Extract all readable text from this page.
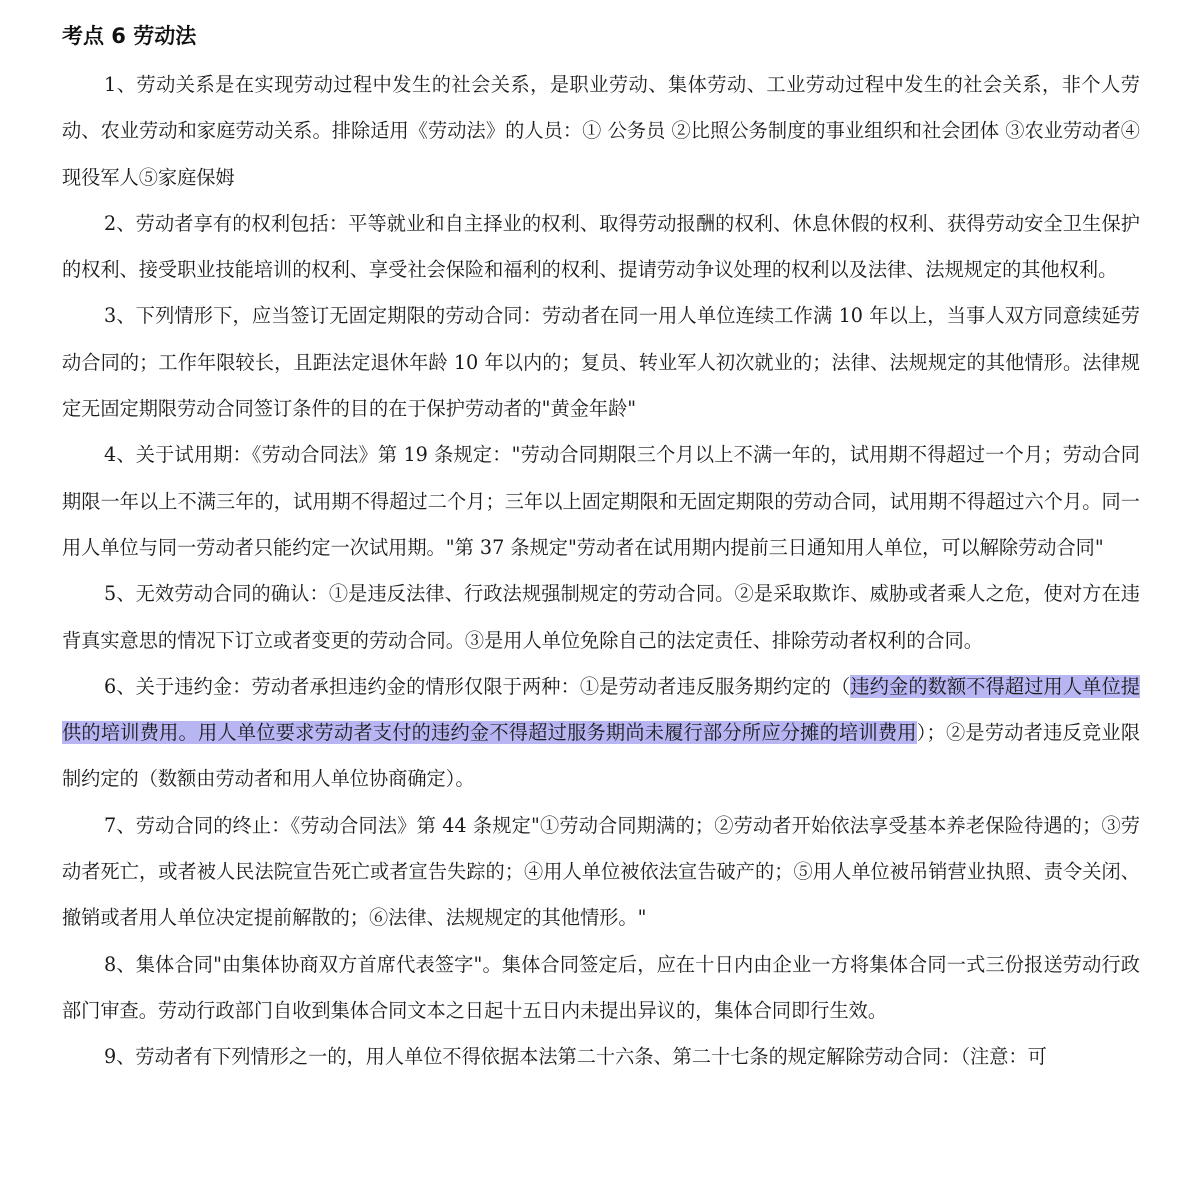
考点 6 劳动法

1、劳动关系是在实现劳动过程中发生的社会关系，是职业劳动、集体劳动、工业劳动过程中发生的社会关系，非个人劳动、农业劳动和家庭劳动关系。排除适用《劳动法》的人员：① 公务员 ②比照公务制度的事业组织和社会团体 ③农业劳动者④现役军人⑤家庭保姆

2、劳动者享有的权利包括：平等就业和自主择业的权利、取得劳动报酬的权利、休息休假的权利、获得劳动安全卫生保护的权利、接受职业技能培训的权利、享受社会保险和福利的权利、提请劳动争议处理的权利以及法律、法规规定的其他权利。

3、下列情形下，应当签订无固定期限的劳动合同：劳动者在同一用人单位连续工作满 10 年以上，当事人双方同意续延劳动合同的；工作年限较长，且距法定退休年龄 10 年以内的；复员、转业军人初次就业的；法律、法规规定的其他情形。法律规定无固定期限劳动合同签订条件的目的在于保护劳动者的"黄金年龄"

4、关于试用期：《劳动合同法》第 19 条规定："劳动合同期限三个月以上不满一年的，试用期不得超过一个月；劳动合同期限一年以上不满三年的，试用期不得超过二个月；三年以上固定期限和无固定期限的劳动合同，试用期不得超过六个月。同一用人单位与同一劳动者只能约定一次试用期。"第 37 条规定"劳动者在试用期内提前三日通知用人单位，可以解除劳动合同"

5、无效劳动合同的确认：①是违反法律、行政法规强制规定的劳动合同。②是采取欺诈、威胁或者乘人之危，使对方在违背真实意思的情况下订立或者变更的劳动合同。③是用人单位免除自己的法定责任、排除劳动者权利的合同。

6、关于违约金：劳动者承担违约金的情形仅限于两种：①是劳动者违反服务期约定的（违约金的数额不得超过用人单位提供的培训费用。用人单位要求劳动者支付的违约金不得超过服务期尚未履行部分所应分摊的培训费用）；②是劳动者违反竞业限制约定的（数额由劳动者和用人单位协商确定）。

7、劳动合同的终止：《劳动合同法》第 44 条规定"①劳动合同期满的；②劳动者开始依法享受基本养老保险待遇的；③劳动者死亡，或者被人民法院宣告死亡或者宣告失踪的；④用人单位被依法宣告破产的；⑤用人单位被吊销营业执照、责令关闭、撤销或者用人单位决定提前解散的；⑥法律、法规规定的其他情形。"

8、集体合同"由集体协商双方首席代表签字"。集体合同签定后，应在十日内由企业一方将集体合同一式三份报送劳动行政部门审查。劳动行政部门自收到集体合同文本之日起十五日内未提出异议的，集体合同即行生效。

9、劳动者有下列情形之一的，用人单位不得依据本法第二十六条、第二十七条的规定解除劳动合同：（注意：可
